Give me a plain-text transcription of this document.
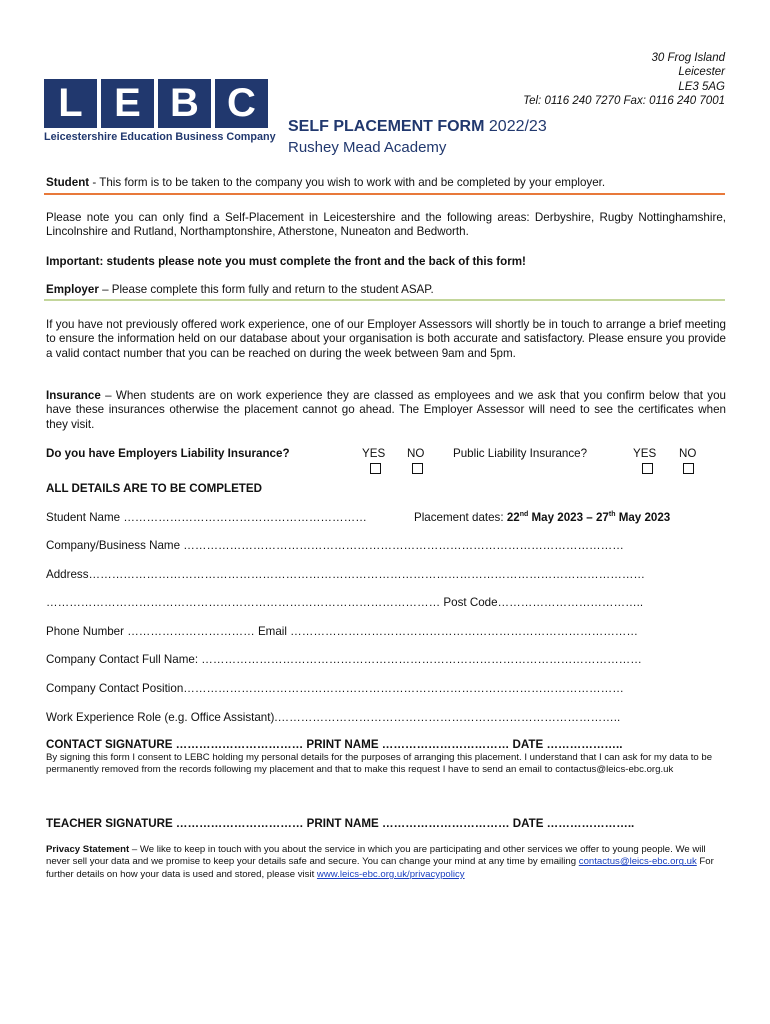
30 Frog Island
Leicester
LE3 5AG
Tel: 0116 240 7270 Fax: 0116 240 7001
L E B C
Leicestershire Education Business Company
SELF PLACEMENT FORM 2022/23
Rushey Mead Academy
Student - This form is to be taken to the company you wish to work with and be completed by your employer.
Please note you can only find a Self-Placement in Leicestershire and the following areas: Derbyshire, Rugby Nottinghamshire, Lincolnshire and Rutland, Northamptonshire, Atherstone, Nuneaton and Bedworth.
Important: students please note you must complete the front and the back of this form!
Employer – Please complete this form fully and return to the student ASAP.
If you have not previously offered work experience, one of our Employer Assessors will shortly be in touch to arrange a brief meeting to ensure the information held on our database about your organisation is both accurate and satisfactory. Please ensure you provide a valid contact number that you can be reached on during the week between 9am and 5pm.
Insurance – When students are on work experience they are classed as employees and we ask that you confirm below that you have these insurances otherwise the placement cannot go ahead. The Employer Assessor will need to see the certificates when they visit.
Do you have Employers Liability Insurance?	YES NO Public Liability Insurance?	YES NO
ALL DETAILS ARE TO BE COMPLETED
Student Name ………………………………………………………	Placement dates: 22nd May 2023 – 27th May 2023
Company/Business Name ……………………………………………………………………………………………………
Address………………………………………………………………………………………………………………………………
………………………………………………………………………………………… Post Code………………………………..
Phone Number …………………………… Email ………………………………………………………………………………
Company Contact Full Name: ……………………………………………………………………………………………………
Company Contact Position……………………………………………………………………………………………………
Work Experience Role (e.g. Office Assistant).……………………………………………………………………………..
CONTACT SIGNATURE …………………………… PRINT NAME …………………………… DATE ………………..
By signing this form I consent to LEBC holding my personal details for the purposes of arranging this placement. I understand that I can ask for my data to be permanently removed from the records following my placement and that to make this request I have to send an email to contactus@leics-ebc.org.uk
TEACHER SIGNATURE …………………………… PRINT NAME …………………………… DATE …………………..
Privacy Statement – We like to keep in touch with you about the service in which you are participating and other services we offer to young people. We will never sell your data and we promise to keep your details safe and secure. You can change your mind at any time by emailing contactus@leics-ebc.org.uk For further details on how your data is used and stored, please visit www.leics-ebc.org.uk/privacypolicy
